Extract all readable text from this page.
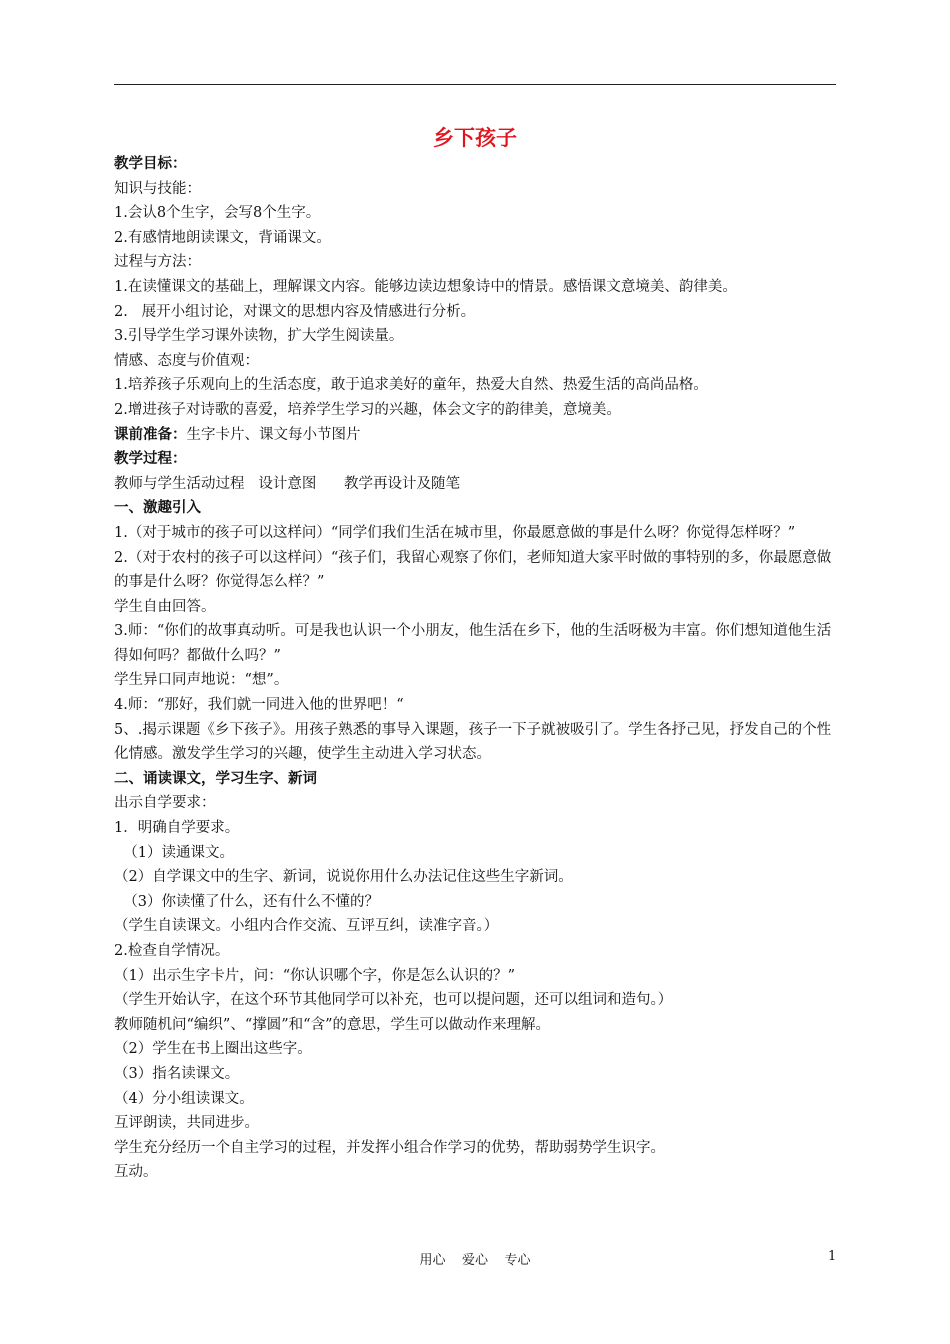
乡下孩子
教学目标：
知识与技能：
1.会认8个生字，会写8个生字。
2.有感情地朗读课文，背诵课文。
过程与方法：
1.在读懂课文的基础上，理解课文内容。能够边读边想象诗中的情景。感悟课文意境美、韵律美。
2.   展开小组讨论，对课文的思想内容及情感进行分析。
3.引导学生学习课外读物，扩大学生阅读量。
情感、态度与价值观：
1.培养孩子乐观向上的生活态度，敢于追求美好的童年，热爱大自然、热爱生活的高尚品格。
2.增进孩子对诗歌的喜爱，培养学生学习的兴趣，体会文字的韵律美，意境美。
课前准备：生字卡片、课文每小节图片
教学过程：
教师与学生活动过程   设计意图      教学再设计及随笔
一、激趣引入
1.（对于城市的孩子可以这样问）“同学们我们生活在城市里，你最愿意做的事是什么呀？你觉得怎样呀？”
2.（对于农村的孩子可以这样问）“孩子们，我留心观察了你们，老师知道大家平时做的事特别的多，你最愿意做的事是什么呀？你觉得怎么样？”
学生自由回答。
3.师：“你们的故事真动听。可是我也认识一个小朋友，他生活在乡下，他的生活呀极为丰富。你们想知道他生活得如何吗？都做什么吗？”
学生异口同声地说：“想”。
4.师：“那好，我们就一同进入他的世界吧！“
5、.揭示课题《乡下孩子》。用孩子熟悉的事导入课题，孩子一下子就被吸引了。学生各抒己见，抒发自己的个性化情感。激发学生学习的兴趣，使学生主动进入学习状态。
二、诵读课文，学习生字、新词
出示自学要求：
1．明确自学要求。
（1）读通课文。
（2）自学课文中的生字、新词，说说你用什么办法记住这些生字新词。
（3）你读懂了什么，还有什么不懂的？
（学生自读课文。小组内合作交流、互评互纠，读准字音。）
2.检查自学情况。
（1）出示生字卡片，问：“你认识哪个字，你是怎么认识的？”
（学生开始认字，在这个环节其他同学可以补充，也可以提问题，还可以组词和造句。）
教师随机问“编织”、“撑圆”和“含”的意思，学生可以做动作来理解。
（2）学生在书上圈出这些字。
（3）指名读课文。
（4）分小组读课文。
互评朗读，共同进步。
学生充分经历一个自主学习的过程，并发挥小组合作学习的优势，帮助弱势学生识字。
互动。
用心    爱心    专心	1
